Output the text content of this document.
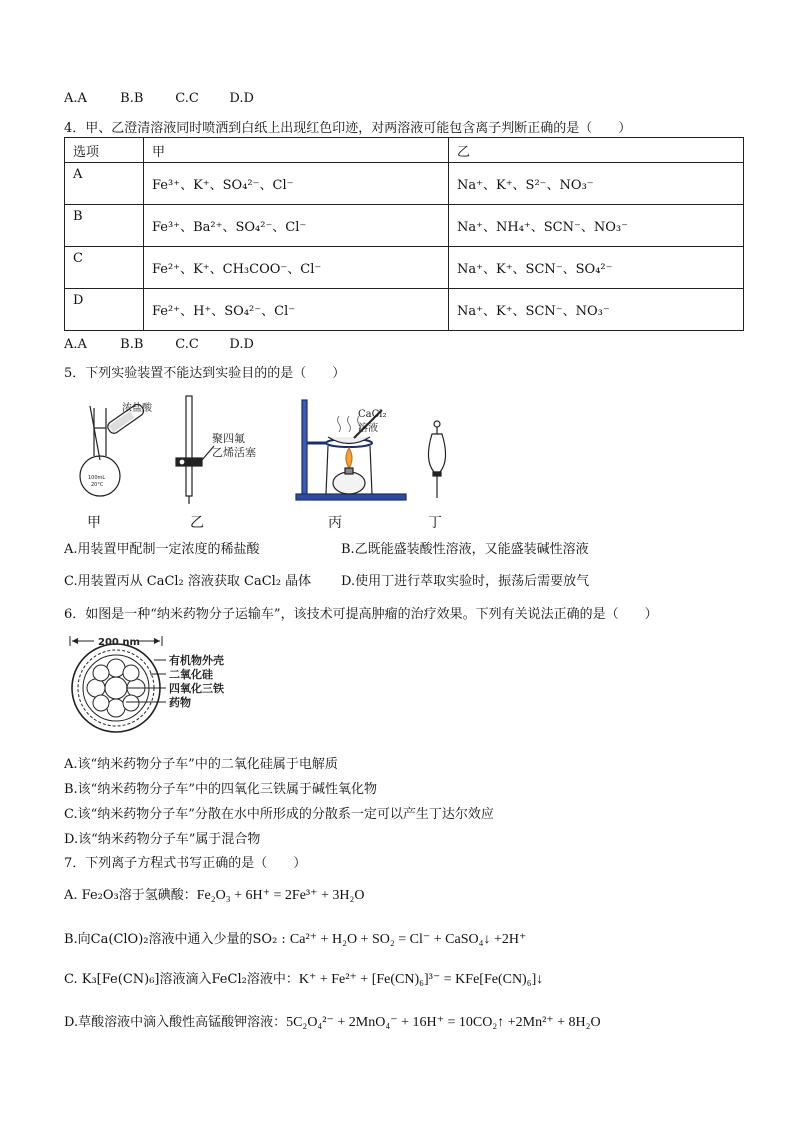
A.A	B.B C.C D.D
4．甲、乙澄清溶液同时喷洒到白纸上出现红色印迹，对两溶液可能包含离子判断正确的是（　　）
选项	甲	乙
A	Fe³⁺、K⁺、SO₄²⁻、Cl⁻	Na⁺、K⁺、S²⁻、NO₃⁻
B	Fe³⁺、Ba²⁺、SO₄²⁻、Cl⁻	Na⁺、NH₄⁺、SCN⁻、NO₃⁻
C	Fe²⁺、K⁺、CH₃COO⁻、Cl⁻	Na⁺、K⁺、SCN⁻、SO₄²⁻
D	Fe²⁺、H⁺、SO₄²⁻、Cl⁻	Na⁺、K⁺、SCN⁻、NO₃⁻
A.A	B.B C.C D.D
5．下列实验装置不能达到实验目的的是（　　）
浓盐酸
100mL
20°C
聚四氟
乙烯活塞
CaCl₂
溶液
甲	乙	丙	丁
A.用装置甲配制一定浓度的稀盐酸	B.乙既能盛装酸性溶液，又能盛装碱性溶液
C.用装置丙从 CaCl₂ 溶液获取 CaCl₂ 晶体 D.使用丁进行萃取实验时，振荡后需要放气
6．如图是一种“纳米药物分子运输车”，该技术可提高肿瘤的治疗效果。下列有关说法正确的是（　　）
200 nm
有机物外壳
二氧化硅
四氧化三铁
药物
A.该“纳米药物分子车”中的二氧化硅属于电解质
B.该“纳米药物分子车”中的四氧化三铁属于碱性氧化物
C.该“纳米药物分子车”分散在水中所形成的分散系一定可以产生丁达尔效应
D.该“纳米药物分子车”属于混合物
7．下列离子方程式书写正确的是（　　）
A. Fe₂O₃溶于氢碘酸：Fe₂O₃ + 6H⁺ = 2Fe³⁺ + 3H₂O
B.向Ca(ClO)₂溶液中通入少量的SO₂ : Ca²⁺ + H₂O + SO₂ = Cl⁻ + CaSO₄↓ +2H⁺
C. K₃[Fe(CN)₆]溶液滴入FeCl₂溶液中：K⁺ + Fe²⁺ + [Fe(CN)₆]³⁻ = KFe[Fe(CN)₆]↓
D.草酸溶液中滴入酸性高锰酸钾溶液：5C₂O₄²⁻ + 2MnO₄⁻ + 16H⁺ = 10CO₂↑ +2Mn²⁺ + 8H₂O
